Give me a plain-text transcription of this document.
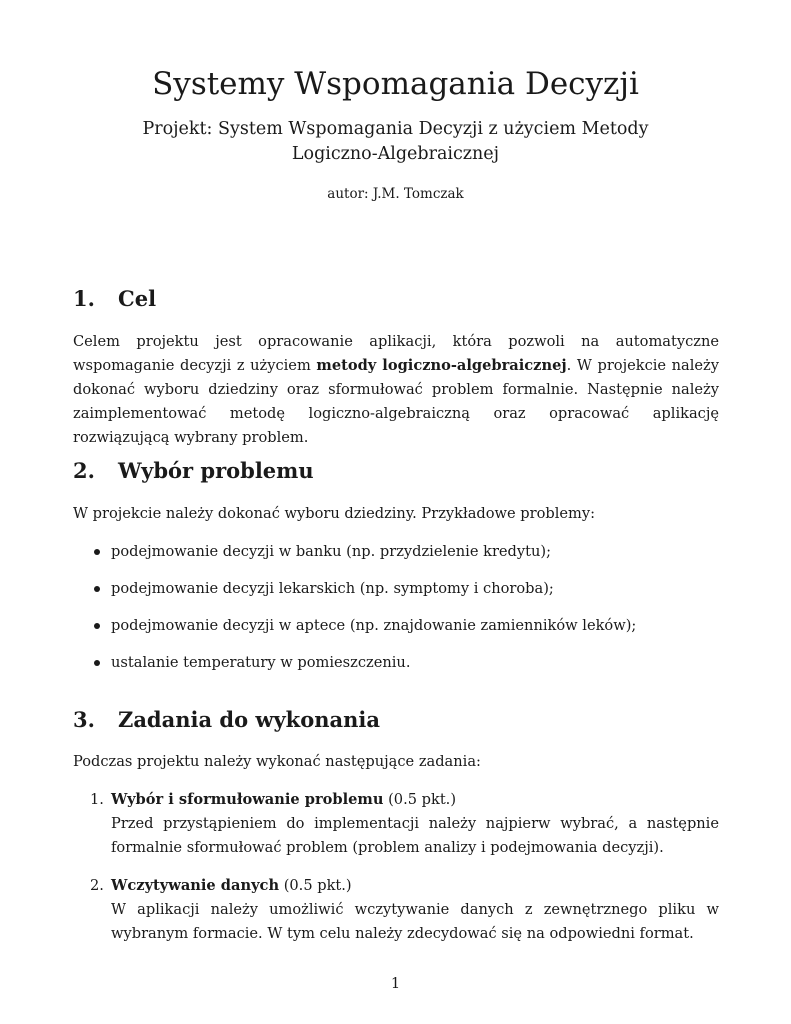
Systemy Wspomagania Decyzji

Projekt: System Wspomagania Decyzji z użyciem Metody Logiczno-Algebraicznej

autor: J.M. Tomczak
1. Cel

Celem projektu jest opracowanie aplikacji, która pozwoli na automatyczne wspomaganie decyzji z użyciem metody logiczno-algebraicznej. W projekcie należy dokonać wyboru dziedziny oraz sformułować problem formalnie. Następnie należy zaimplementować metodę logiczno-algebraiczną oraz opracować aplikację rozwiązującą wybrany problem.

2. Wybór problemu

W projekcie należy dokonać wyboru dziedziny. Przykładowe problemy:

podejmowanie decyzji w banku (np. przydzielenie kredytu);
podejmowanie decyzji lekarskich (np. symptomy i choroba);
podejmowanie decyzji w aptece (np. znajdowanie zamienników leków);
ustalanie temperatury w pomieszczeniu.
3. Zadania do wykonania

Podczas projektu należy wykonać następujące zadania:

1. Wybór i sformułowanie problemu (0.5 pkt.)
Przed przystąpieniem do implementacji należy najpierw wybrać, a następnie formalnie sformułować problem (problem analizy i podejmowania decyzji).
2. Wczytywanie danych (0.5 pkt.)
W aplikacji należy umożliwić wczytywanie danych z zewnętrznego pliku w wybranym formacie. W tym celu należy zdecydować się na odpowiedni format.
1
